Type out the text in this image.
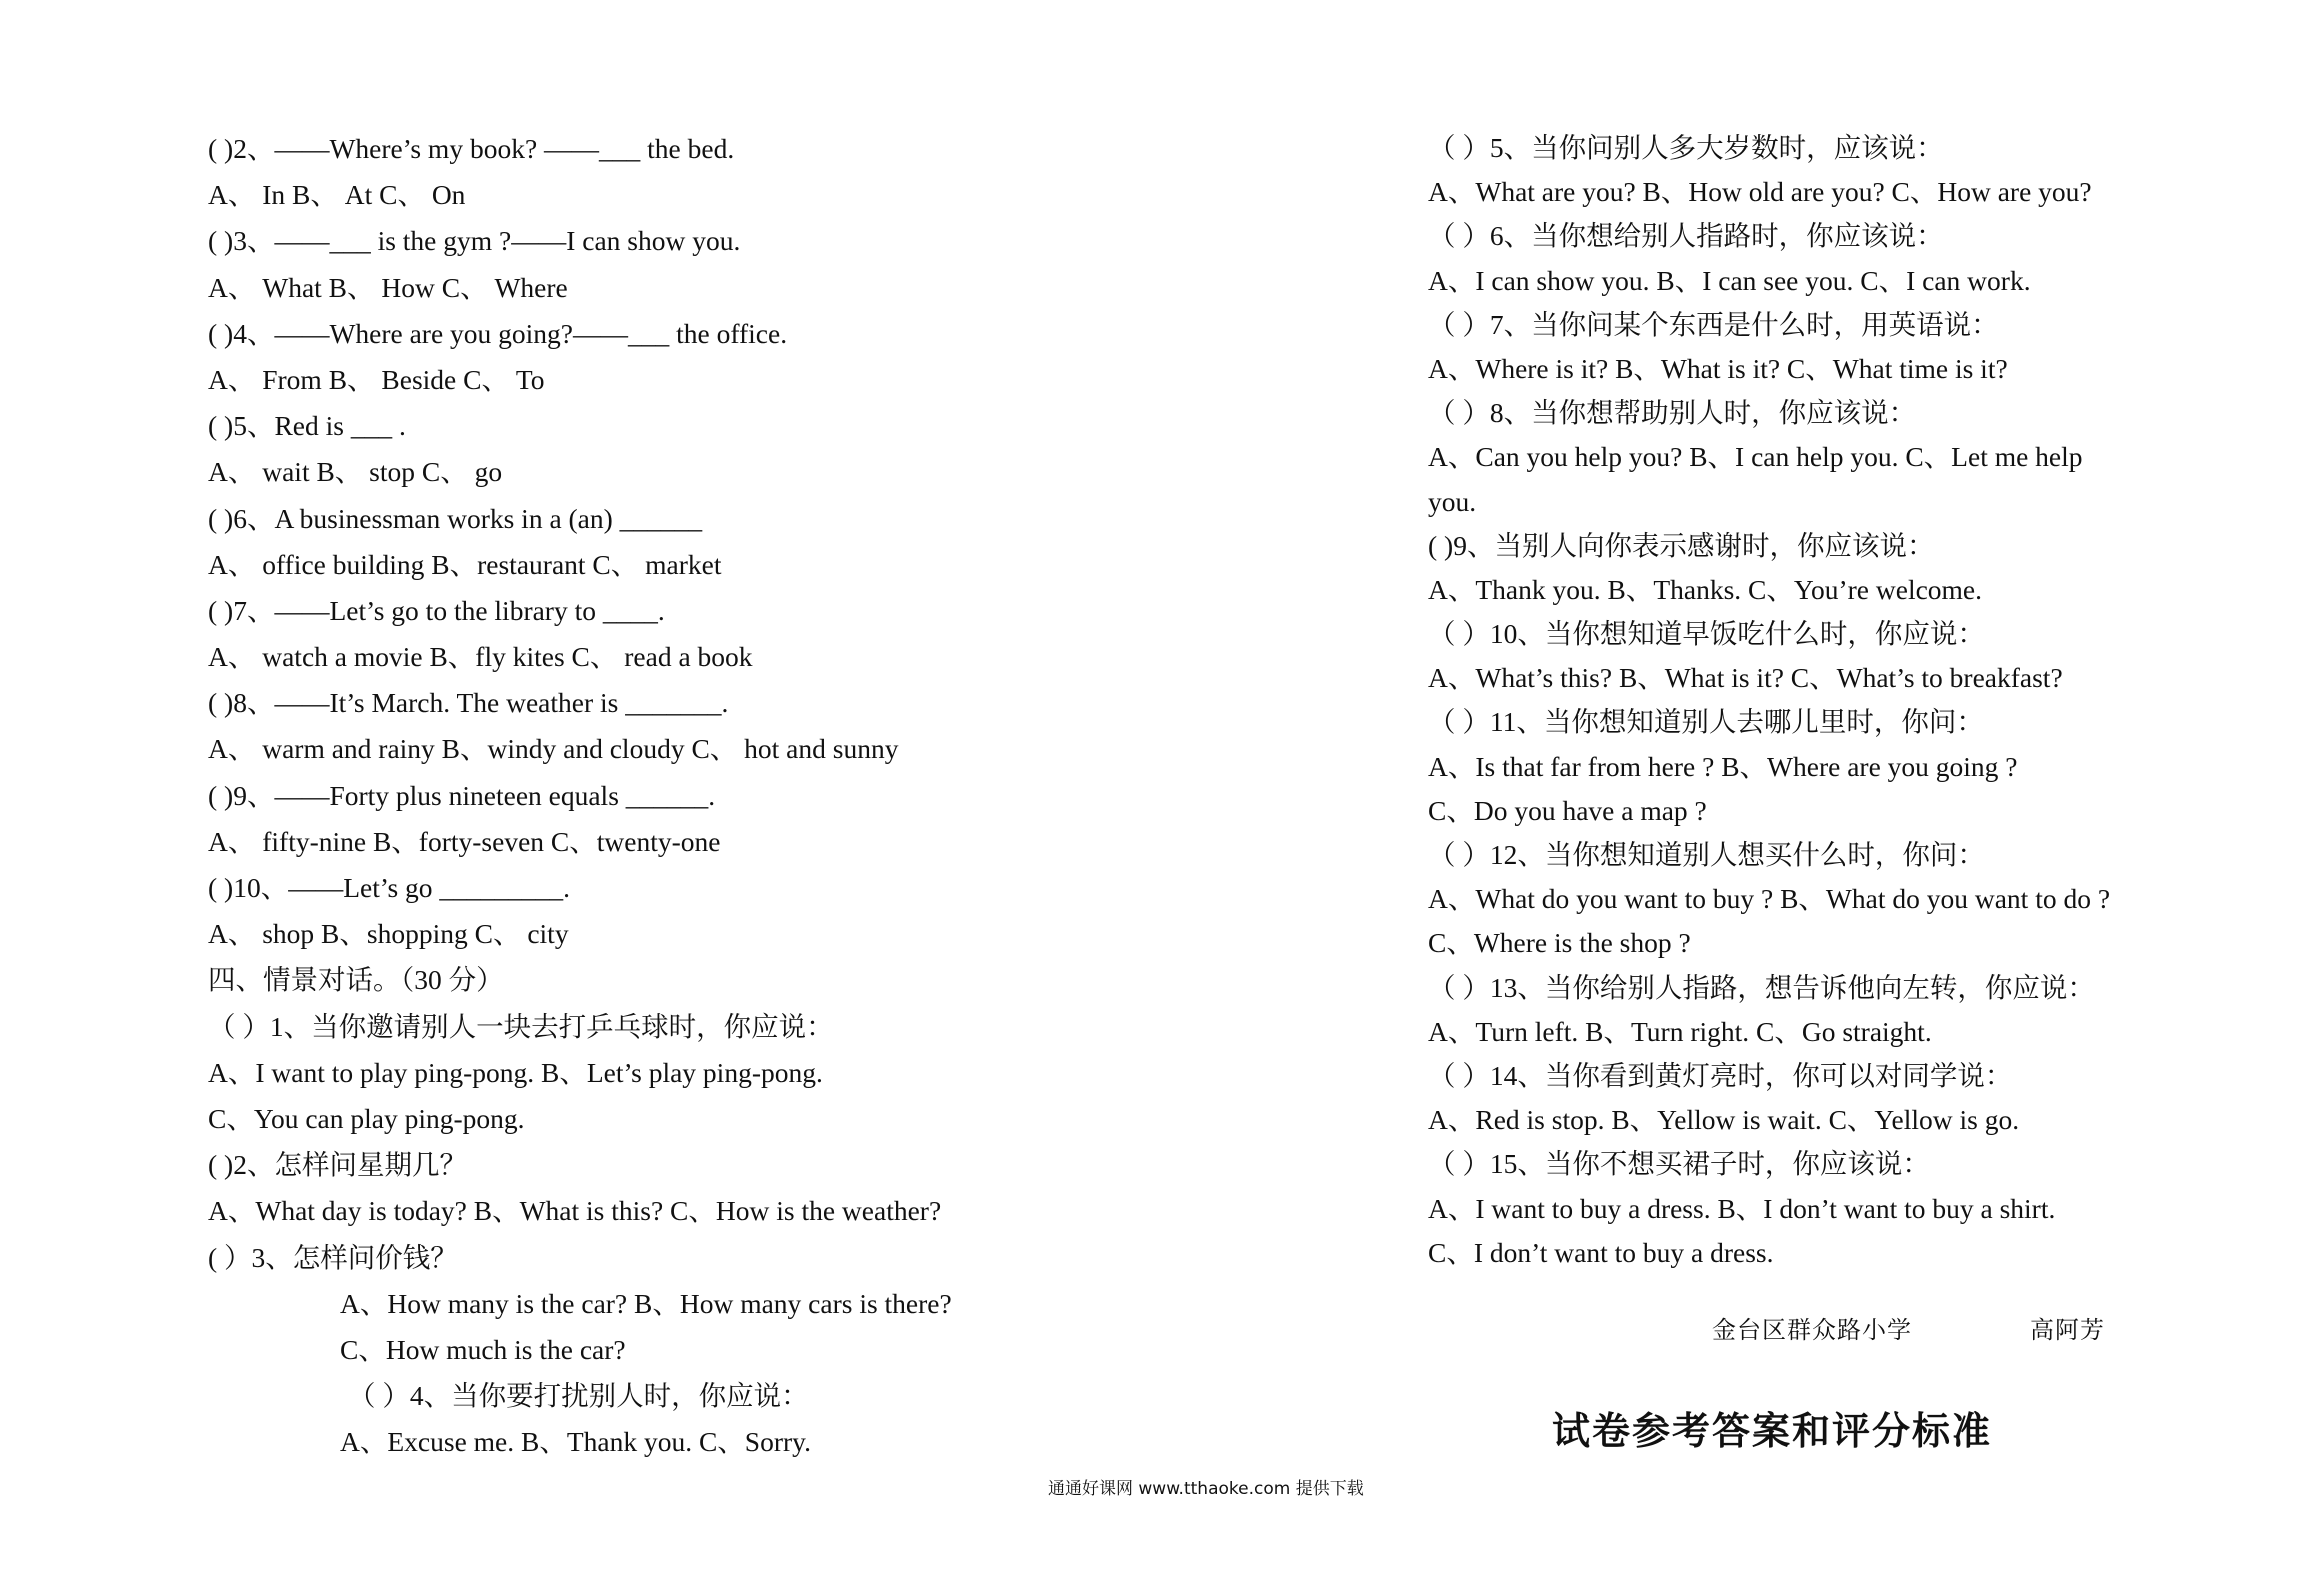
( )2、——Where’s my book? ——___ the bed.
A、 In B、 At C、 On
( )3、——___ is the gym ?——I can show you.
A、 What B、 How C、 Where
( )4、——Where are you going?——___ the office.
A、 From B、 Beside C、 To
( )5、Red is ___ .
A、 wait B、 stop C、 go
( )6、A businessman works in a (an) ______
A、 office building B、restaurant C、 market
( )7、——Let’s go to the library to ____.
A、 watch a movie B、fly kites C、 read a book
( )8、——It’s March. The weather is _______.
A、 warm and rainy B、windy and cloudy C、 hot and sunny
( )9、——Forty plus nineteen equals ______.
A、 fifty-nine B、forty-seven C、twenty-one
( )10、——Let’s go _________.
A、 shop B、shopping C、 city
四、情景对话。（30 分）
（ ）1、当你邀请别人一块去打乒乓球时，你应说：
A、I want to play ping-pong. B、Let’s play ping-pong.
C、You can play ping-pong.
( )2、怎样问星期几？
A、What day is today? B、What is this? C、How is the weather?
( ）3、怎样问价钱？
A、How many is the car? B、How many cars is there?
C、How much is the car?
（ ）4、当你要打扰别人时，你应说：
A、Excuse me. B、Thank you. C、Sorry.
（ ）5、当你问别人多大岁数时，应该说：
A、What are you? B、How old are you? C、How are you?
（ ）6、当你想给别人指路时，你应该说：
A、I can show you. B、I can see you. C、I can work.
（ ）7、当你问某个东西是什么时，用英语说：
A、Where is it? B、What is it? C、What time is it?
（ ）8、当你想帮助别人时，你应该说：
A、Can you help you? B、I can help you. C、Let me help
you.
( )9、当别人向你表示感谢时，你应该说：
A、Thank you. B、Thanks. C、You’re welcome.
（ ）10、当你想知道早饭吃什么时，你应说：
A、What’s this? B、What is it? C、What’s to breakfast?
（ ）11、当你想知道别人去哪儿里时，你问：
A、Is that far from here ? B、Where are you going ?
C、Do you have a map ?
（ ）12、当你想知道别人想买什么时，你问：
A、What do you want to buy ? B、What do you want to do ?
C、Where is the shop ?
（ ）13、当你给别人指路，想告诉他向左转，你应说：
A、Turn left. B、Turn right. C、Go straight.
（ ）14、当你看到黄灯亮时，你可以对同学说：
A、Red is stop. B、Yellow is wait. C、Yellow is go.
（ ）15、当你不想买裙子时，你应该说：
A、I want to buy a dress. B、I don’t want to buy a shirt.
C、I don’t want to buy a dress.
金台区群众路小学	高阿芳
试卷参考答案和评分标准
通通好课网 www.tthaoke.com 提供下载
